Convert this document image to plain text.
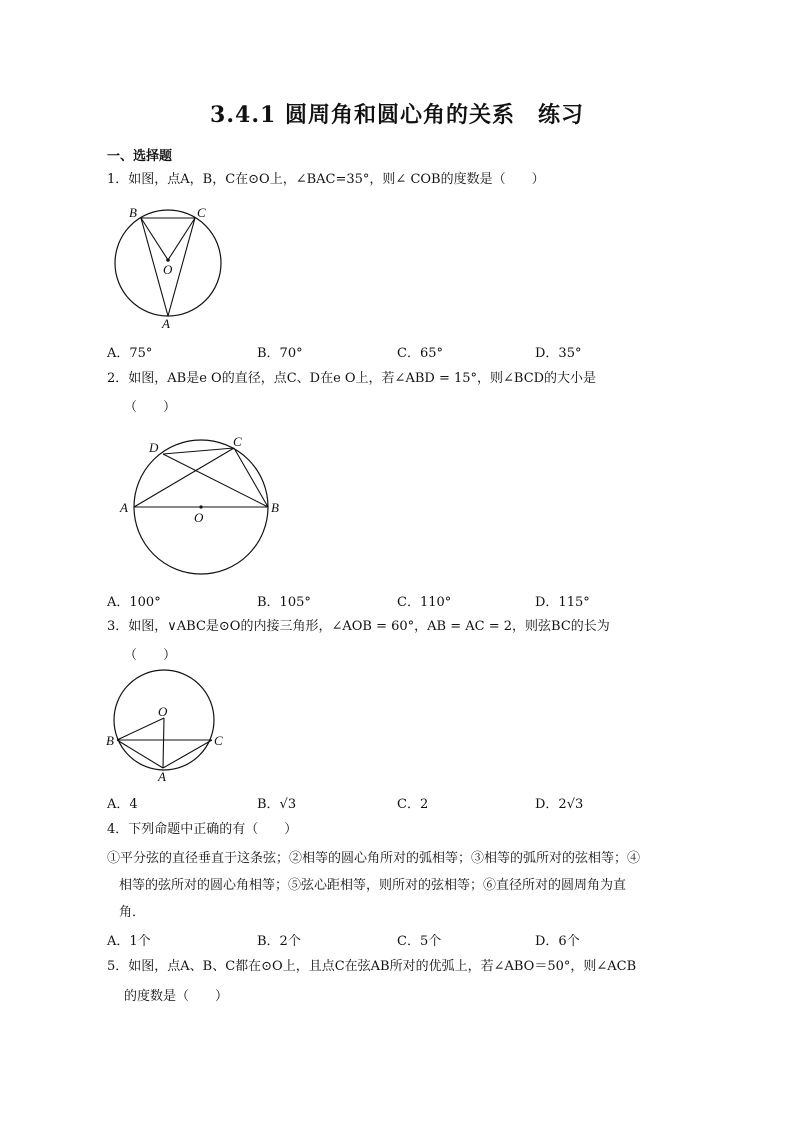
3.4.1 圆周角和圆心角的关系　练习
一、选择题
1．如图，点A，B，C在⊙O上，∠BAC=35°，则∠ COB的度数是（　　）
B	C
O
A
A．75°	B．70°	C．65°	D．35°
2．如图，AB是e O的直径，点C、D在e O上，若∠ABD = 15°，则∠BCD的大小是
（　　）
D	C
A
O
B
A．100°	B．105°	C．110°	D．115°
3．如图，∨ABC是⊙O的内接三角形，∠AOB = 60°，AB = AC = 2，则弦BC的长为
（　　）
O
B	C
A
A．4	B．√3	C．2	D．2√3
4．下列命题中正确的有（　　）
①平分弦的直径垂直于这条弦；②相等的圆心角所对的弧相等；③相等的弧所对的弦相等；④
相等的弦所对的圆心角相等；⑤弦心距相等，则所对的弦相等；⑥直径所对的圆周角为直
角．
A．1个	B．2个	C．5个	D．6个
5．如图，点A、B、C都在⊙O上，且点C在弦AB所对的优弧上，若∠ABO＝50°，则∠ACB
的度数是（　　）
